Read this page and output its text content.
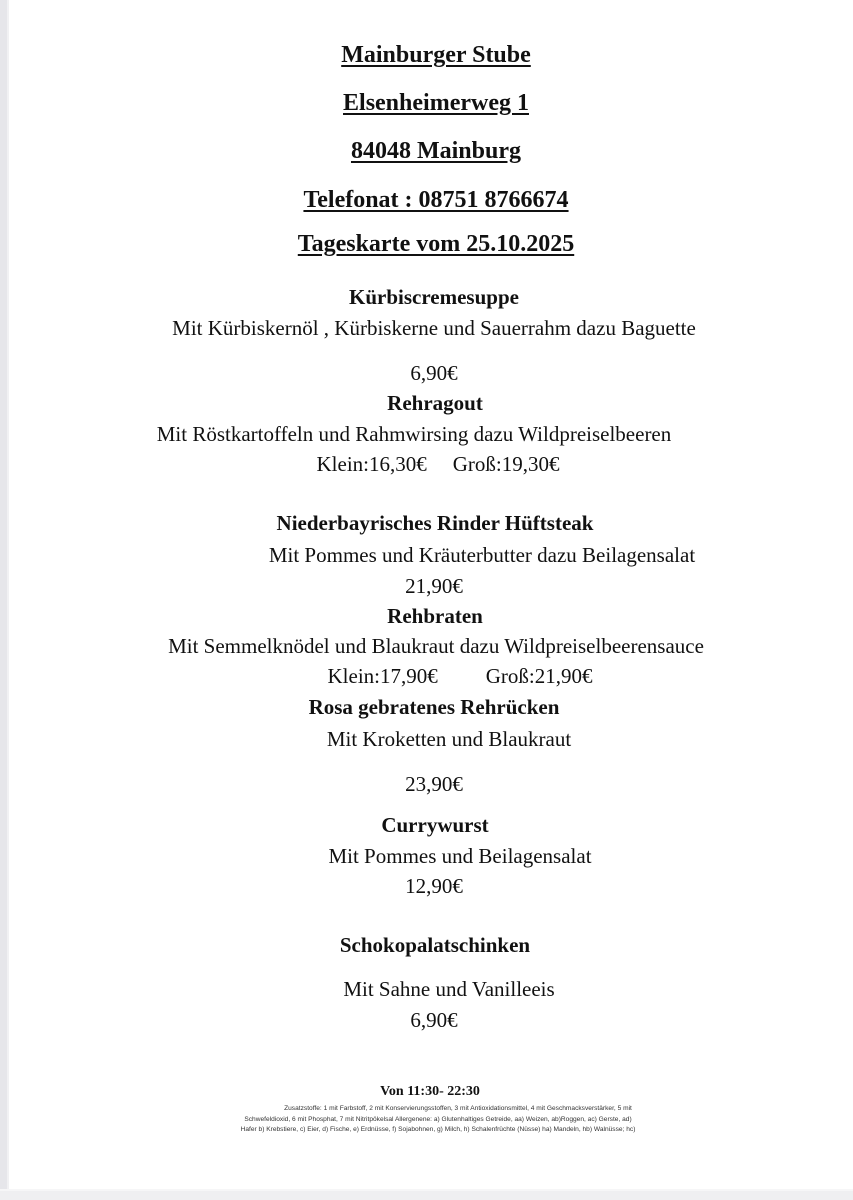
Mainburger Stube
Elsenheimerweg 1
84048 Mainburg
Telefonat : 08751 8766674
Tageskarte vom 25.10.2025
Kürbiscremesuppe
Mit Kürbiskernöl , Kürbiskerne und Sauerrahm dazu Baguette
6,90€
Rehragout
Mit Röstkartoffeln und Rahmwirsing dazu Wildpreiselbeeren
Klein:16,30€ Groß:19,30€
Niederbayrisches Rinder Hüftsteak
Mit Pommes und Kräuterbutter dazu Beilagensalat
21,90€
Rehbraten
Mit Semmelknödel und Blaukraut dazu Wildpreiselbeerensauce
Klein:17,90€ Groß:21,90€
Rosa gebratenes Rehrücken
Mit Kroketten und Blaukraut
23,90€
Currywurst
Mit Pommes und Beilagensalat
12,90€
Schokopalatschinken
Mit Sahne und Vanilleeis
6,90€
Von 11:30- 22:30
Zusatzstoffe: 1 mit Farbstoff, 2 mit Konservierungsstoffen, 3 mit Antioxidationsmittel, 4 mit Geschmacksverstärker, 5 mit
Schwefeldioxid, 6 mit Phosphat, 7 mit Nitritpökelsal Allergenene: a) Glutenhaltiges Getreide, aa) Weizen, ab)Roggen, ac) Gerste, ad)
Hafer b) Krebstiere, c) Eier, d) Fische, e) Erdnüsse, f) Sojabohnen, g) Milch, h) Schalenfrüchte (Nüsse) ha) Mandeln, hb) Walnüsse; hc)
